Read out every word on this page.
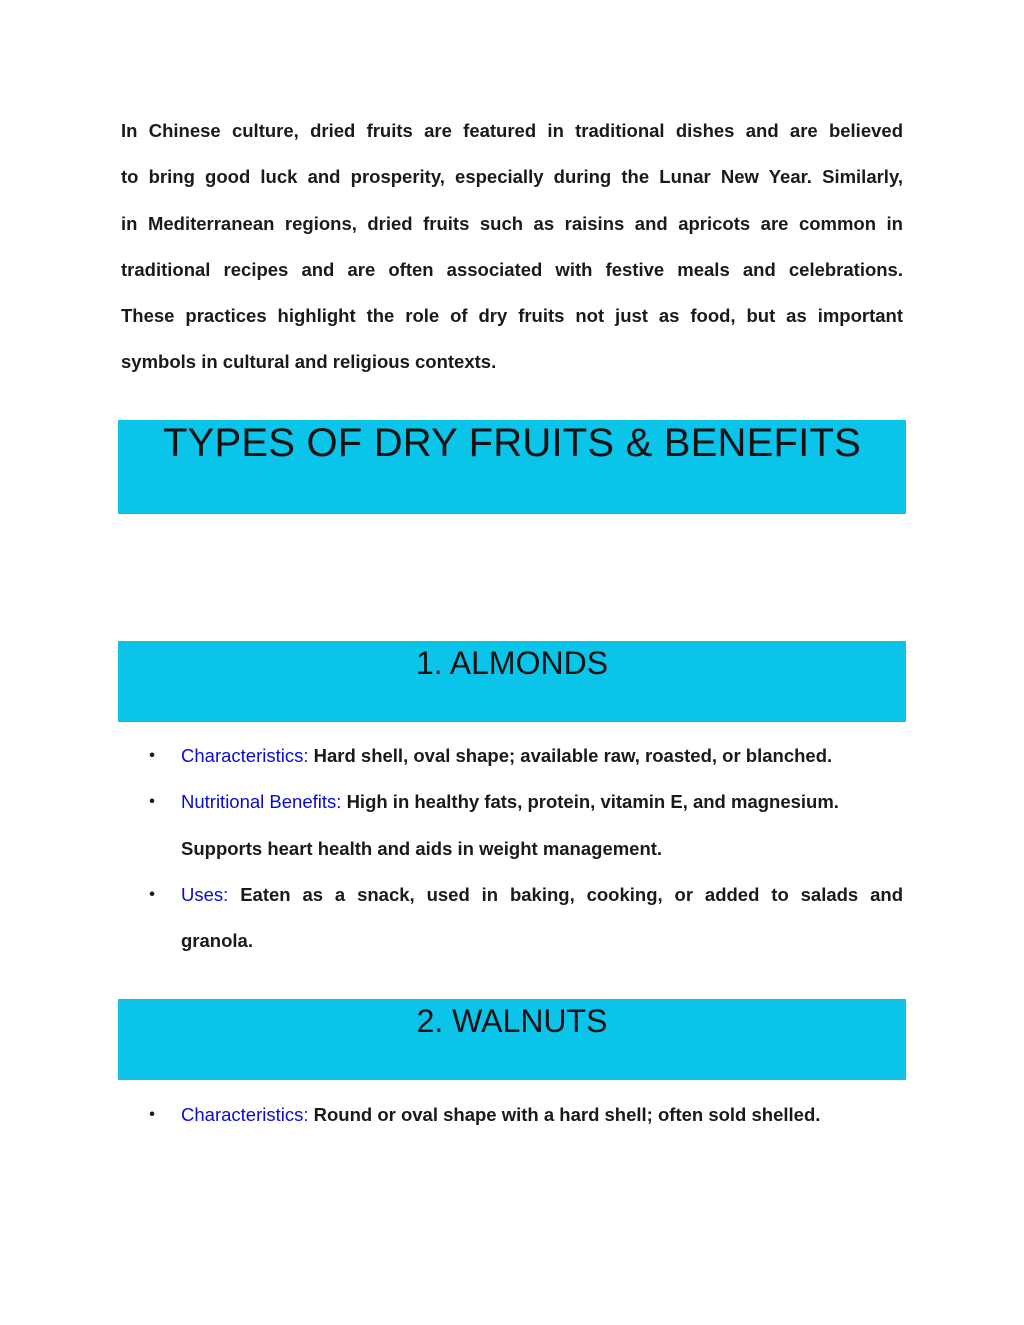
In Chinese culture, dried fruits are featured in traditional dishes and are believed
to bring good luck and prosperity, especially during the Lunar New Year. Similarly,
in Mediterranean regions, dried fruits such as raisins and apricots are common in
traditional recipes and are often associated with festive meals and celebrations.
These practices highlight the role of dry fruits not just as food, but as important
symbols in cultural and religious contexts.
TYPES OF DRY FRUITS & BENEFITS
1. ALMONDS
• Characteristics: Hard shell, oval shape; available raw, roasted, or blanched.
• Nutritional Benefits: High in healthy fats, protein, vitamin E, and magnesium.
Supports heart health and aids in weight management.
• Uses: Eaten as a snack, used in baking, cooking, or added to salads and
granola.
2. WALNUTS
• Characteristics: Round or oval shape with a hard shell; often sold shelled.
